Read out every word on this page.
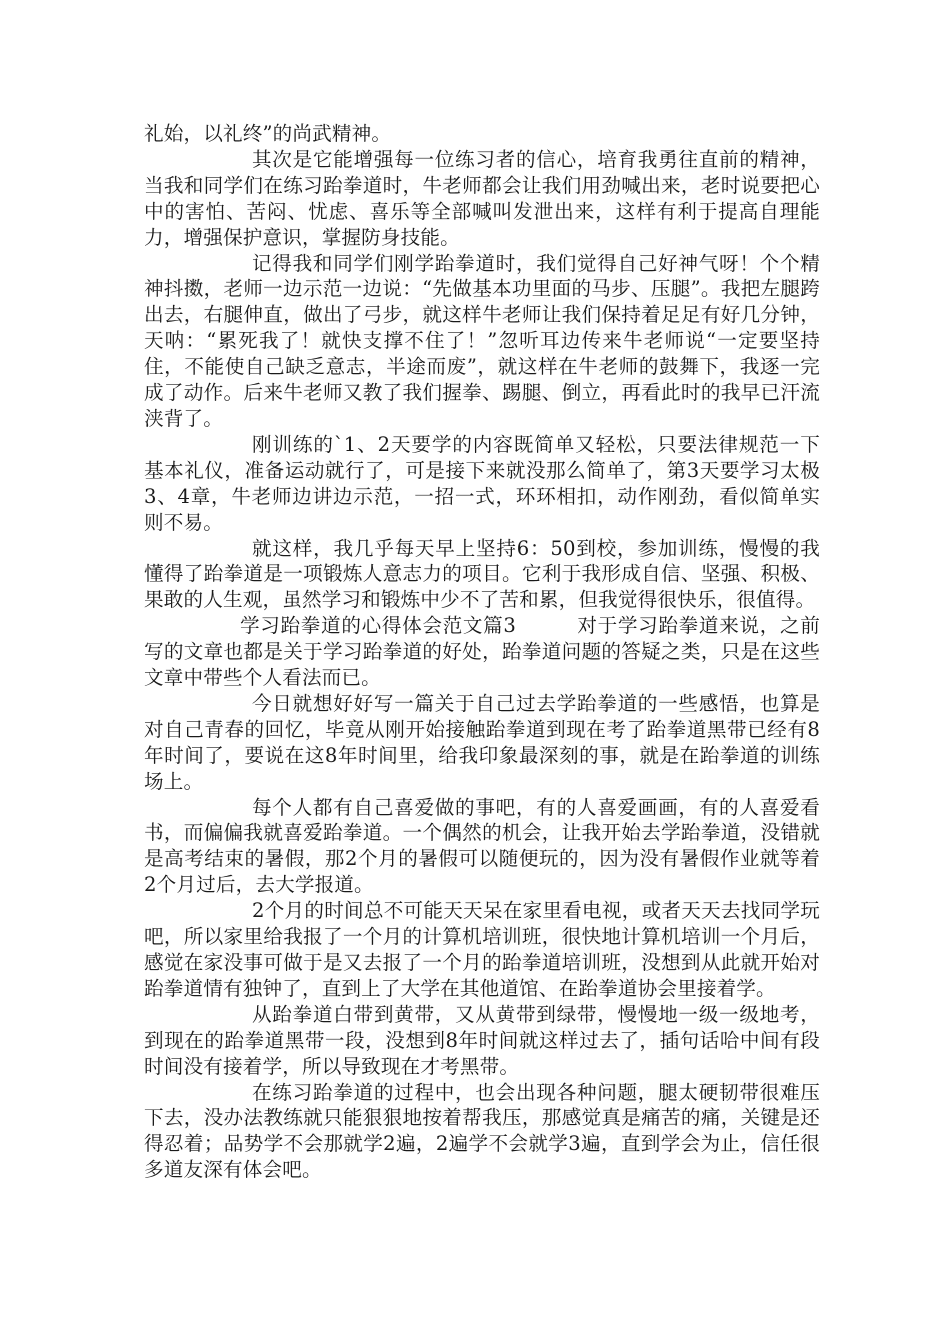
礼始，以礼终”的尚武精神。

其次是它能增强每一位练习者的信心，培育我勇往直前的精神，当我和同学们在练习跆拳道时，牛老师都会让我们用劲喊出来，老时说要把心中的害怕、苦闷、忧虑、喜乐等全部喊叫发泄出来，这样有利于提高自理能力，增强保护意识，掌握防身技能。

记得我和同学们刚学跆拳道时，我们觉得自己好神气呀！个个精神抖擞，老师一边示范一边说：“先做基本功里面的马步、压腿”。我把左腿跨出去，右腿伸直，做出了弓步，就这样牛老师让我们保持着足足有好几分钟，天呐：“累死我了！就快支撑不住了！”忽听耳边传来牛老师说“一定要坚持住，不能使自己缺乏意志，半途而废”，就这样在牛老师的鼓舞下，我逐一完成了动作。后来牛老师又教了我们握拳、踢腿、倒立，再看此时的我早已汗流浃背了。

刚训练的`1、2天要学的内容既简单又轻松，只要法律规范一下基本礼仪，准备运动就行了，可是接下来就没那么简单了，第3天要学习太极3、4章，牛老师边讲边示范，一招一式，环环相扣，动作刚劲，看似简单实则不易。

就这样，我几乎每天早上坚持6：50到校，参加训练，慢慢的我懂得了跆拳道是一项锻炼人意志力的项目。它利于我形成自信、坚强、积极、果敢的人生观，虽然学习和锻炼中少不了苦和累，但我觉得很快乐，很值得。

学习跆拳道的心得体会范文篇3　　　对于学习跆拳道来说，之前写的文章也都是关于学习跆拳道的好处，跆拳道问题的答疑之类，只是在这些文章中带些个人看法而已。

今日就想好好写一篇关于自己过去学跆拳道的一些感悟，也算是对自己青春的回忆，毕竟从刚开始接触跆拳道到现在考了跆拳道黑带已经有8年时间了，要说在这8年时间里，给我印象最深刻的事，就是在跆拳道的训练场上。

每个人都有自己喜爱做的事吧，有的人喜爱画画，有的人喜爱看书，而偏偏我就喜爱跆拳道。一个偶然的机会，让我开始去学跆拳道，没错就是高考结束的暑假，那2个月的暑假可以随便玩的，因为没有暑假作业就等着2个月过后，去大学报道。

2个月的时间总不可能天天呆在家里看电视，或者天天去找同学玩吧，所以家里给我报了一个月的计算机培训班，很快地计算机培训一个月后，感觉在家没事可做于是又去报了一个月的跆拳道培训班，没想到从此就开始对跆拳道情有独钟了，直到上了大学在其他道馆、在跆拳道协会里接着学。

从跆拳道白带到黄带，又从黄带到绿带，慢慢地一级一级地考，到现在的跆拳道黑带一段，没想到8年时间就这样过去了，插句话哈中间有段时间没有接着学，所以导致现在才考黑带。

在练习跆拳道的过程中，也会出现各种问题，腿太硬韧带很难压下去，没办法教练就只能狠狠地按着帮我压，那感觉真是痛苦的痛，关键是还得忍着；品势学不会那就学2遍，2遍学不会就学3遍，直到学会为止，信任很多道友深有体会吧。
